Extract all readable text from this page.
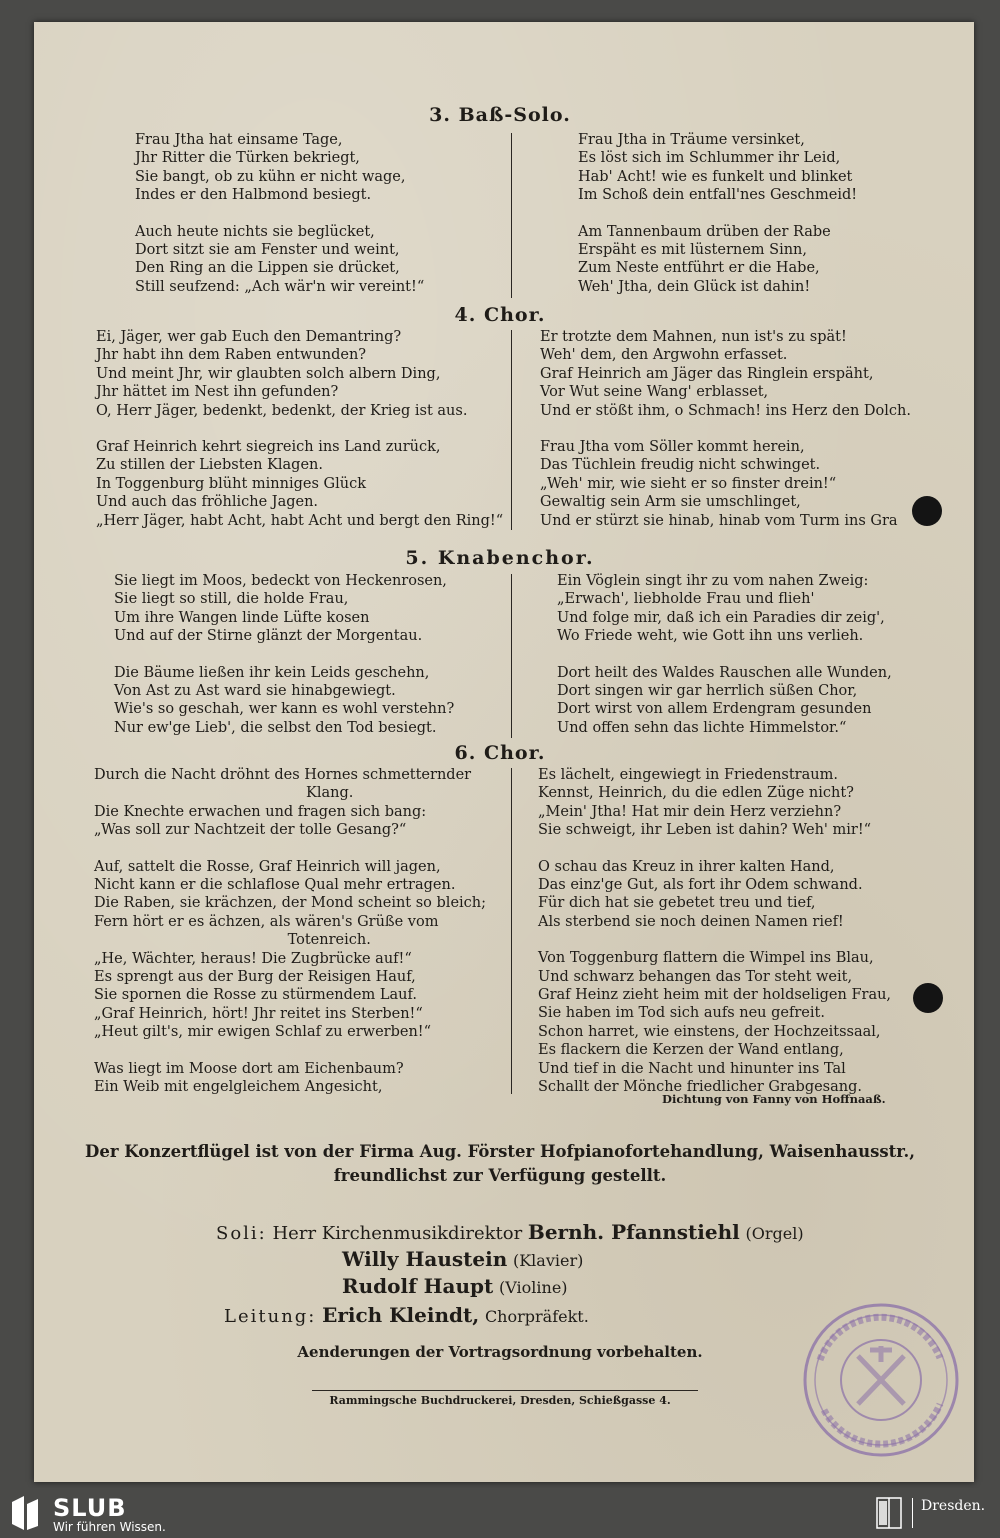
3. Baß-Solo.
Frau Jtha hat einsame Tage,
Jhr Ritter die Türken bekriegt,
Sie bangt, ob zu kühn er nicht wage,
Indes er den Halbmond besiegt.
Auch heute nichts sie beglücket,
Dort sitzt sie am Fenster und weint,
Den Ring an die Lippen sie drücket,
Still seufzend: „Ach wär'n wir vereint!“
Frau Jtha in Träume versinket,
Es löst sich im Schlummer ihr Leid,
Hab' Acht! wie es funkelt und blinket
Im Schoß dein entfall'nes Geschmeid!
Am Tannenbaum drüben der Rabe
Erspäht es mit lüsternem Sinn,
Zum Neste entführt er die Habe,
Weh' Jtha, dein Glück ist dahin!
4. Chor.
Ei, Jäger, wer gab Euch den Demantring?
Jhr habt ihn dem Raben entwunden?
Und meint Jhr, wir glaubten solch albern Ding,
Jhr hättet im Nest ihn gefunden?
O, Herr Jäger, bedenkt, bedenkt, der Krieg ist aus.
Graf Heinrich kehrt siegreich ins Land zurück,
Zu stillen der Liebsten Klagen.
In Toggenburg blüht minniges Glück
Und auch das fröhliche Jagen.
„Herr Jäger, habt Acht, habt Acht und bergt den Ring!“
Er trotzte dem Mahnen, nun ist's zu spät!
Weh' dem, den Argwohn erfasset.
Graf Heinrich am Jäger das Ringlein erspäht,
Vor Wut seine Wang' erblasset,
Und er stößt ihm, o Schmach! ins Herz den Dolch.
Frau Jtha vom Söller kommt herein,
Das Tüchlein freudig nicht schwinget.
„Weh' mir, wie sieht er so finster drein!“
Gewaltig sein Arm sie umschlinget,
Und er stürzt sie hinab, hinab vom Turm ins Gra
5. Knabenchor.
Sie liegt im Moos, bedeckt von Heckenrosen,
Sie liegt so still, die holde Frau,
Um ihre Wangen linde Lüfte kosen
Und auf der Stirne glänzt der Morgentau.
Die Bäume ließen ihr kein Leids geschehn,
Von Ast zu Ast ward sie hinabgewiegt.
Wie's so geschah, wer kann es wohl verstehn?
Nur ew'ge Lieb', die selbst den Tod besiegt.
Ein Vöglein singt ihr zu vom nahen Zweig:
„Erwach', liebholde Frau und flieh'
Und folge mir, daß ich ein Paradies dir zeig',
Wo Friede weht, wie Gott ihn uns verlieh.
Dort heilt des Waldes Rauschen alle Wunden,
Dort singen wir gar herrlich süßen Chor,
Dort wirst von allem Erdengram gesunden
Und offen sehn das lichte Himmelstor.“
6. Chor.
Durch die Nacht dröhnt des Hornes schmetternder
Klang.
Die Knechte erwachen und fragen sich bang:
„Was soll zur Nachtzeit der tolle Gesang?“
Auf, sattelt die Rosse, Graf Heinrich will jagen,
Nicht kann er die schlaflose Qual mehr ertragen.
Die Raben, sie krächzen, der Mond scheint so bleich;
Fern hört er es ächzen, als wären's Grüße vom
Totenreich.
„He, Wächter, heraus! Die Zugbrücke auf!“
Es sprengt aus der Burg der Reisigen Hauf,
Sie spornen die Rosse zu stürmendem Lauf.
„Graf Heinrich, hört! Jhr reitet ins Sterben!“
„Heut gilt's, mir ewigen Schlaf zu erwerben!“
Was liegt im Moose dort am Eichenbaum?
Ein Weib mit engelgleichem Angesicht,
Es lächelt, eingewiegt in Friedenstraum.
Kennst, Heinrich, du die edlen Züge nicht?
„Mein' Jtha! Hat mir dein Herz verziehn?
Sie schweigt, ihr Leben ist dahin? Weh' mir!“
O schau das Kreuz in ihrer kalten Hand,
Das einz'ge Gut, als fort ihr Odem schwand.
Für dich hat sie gebetet treu und tief,
Als sterbend sie noch deinen Namen rief!
Von Toggenburg flattern die Wimpel ins Blau,
Und schwarz behangen das Tor steht weit,
Graf Heinz zieht heim mit der holdseligen Frau,
Sie haben im Tod sich aufs neu gefreit.
Schon harret, wie einstens, der Hochzeitssaal,
Es flackern die Kerzen der Wand entlang,
Und tief in die Nacht und hinunter ins Tal
Schallt der Mönche friedlicher Grabgesang.
Dichtung von Fanny von Hoffnaaß.
Der Konzertflügel ist von der Firma Aug. Förster Hofpianofortehandlung, Waisenhausstr.,
freundlichst zur Verfügung gestellt.
Soli: Herr Kirchenmusikdirektor Bernh. Pfannstiehl (Orgel)
Willy Haustein (Klavier)
Rudolf Haupt (Violine)
Leitung: Erich Kleindt, Chorpräfekt.
Aenderungen der Vortragsordnung vorbehalten.
Rammingsche Buchdruckerei, Dresden, Schießgasse 4.
SLUB
Wir führen Wissen.
Dresden.
